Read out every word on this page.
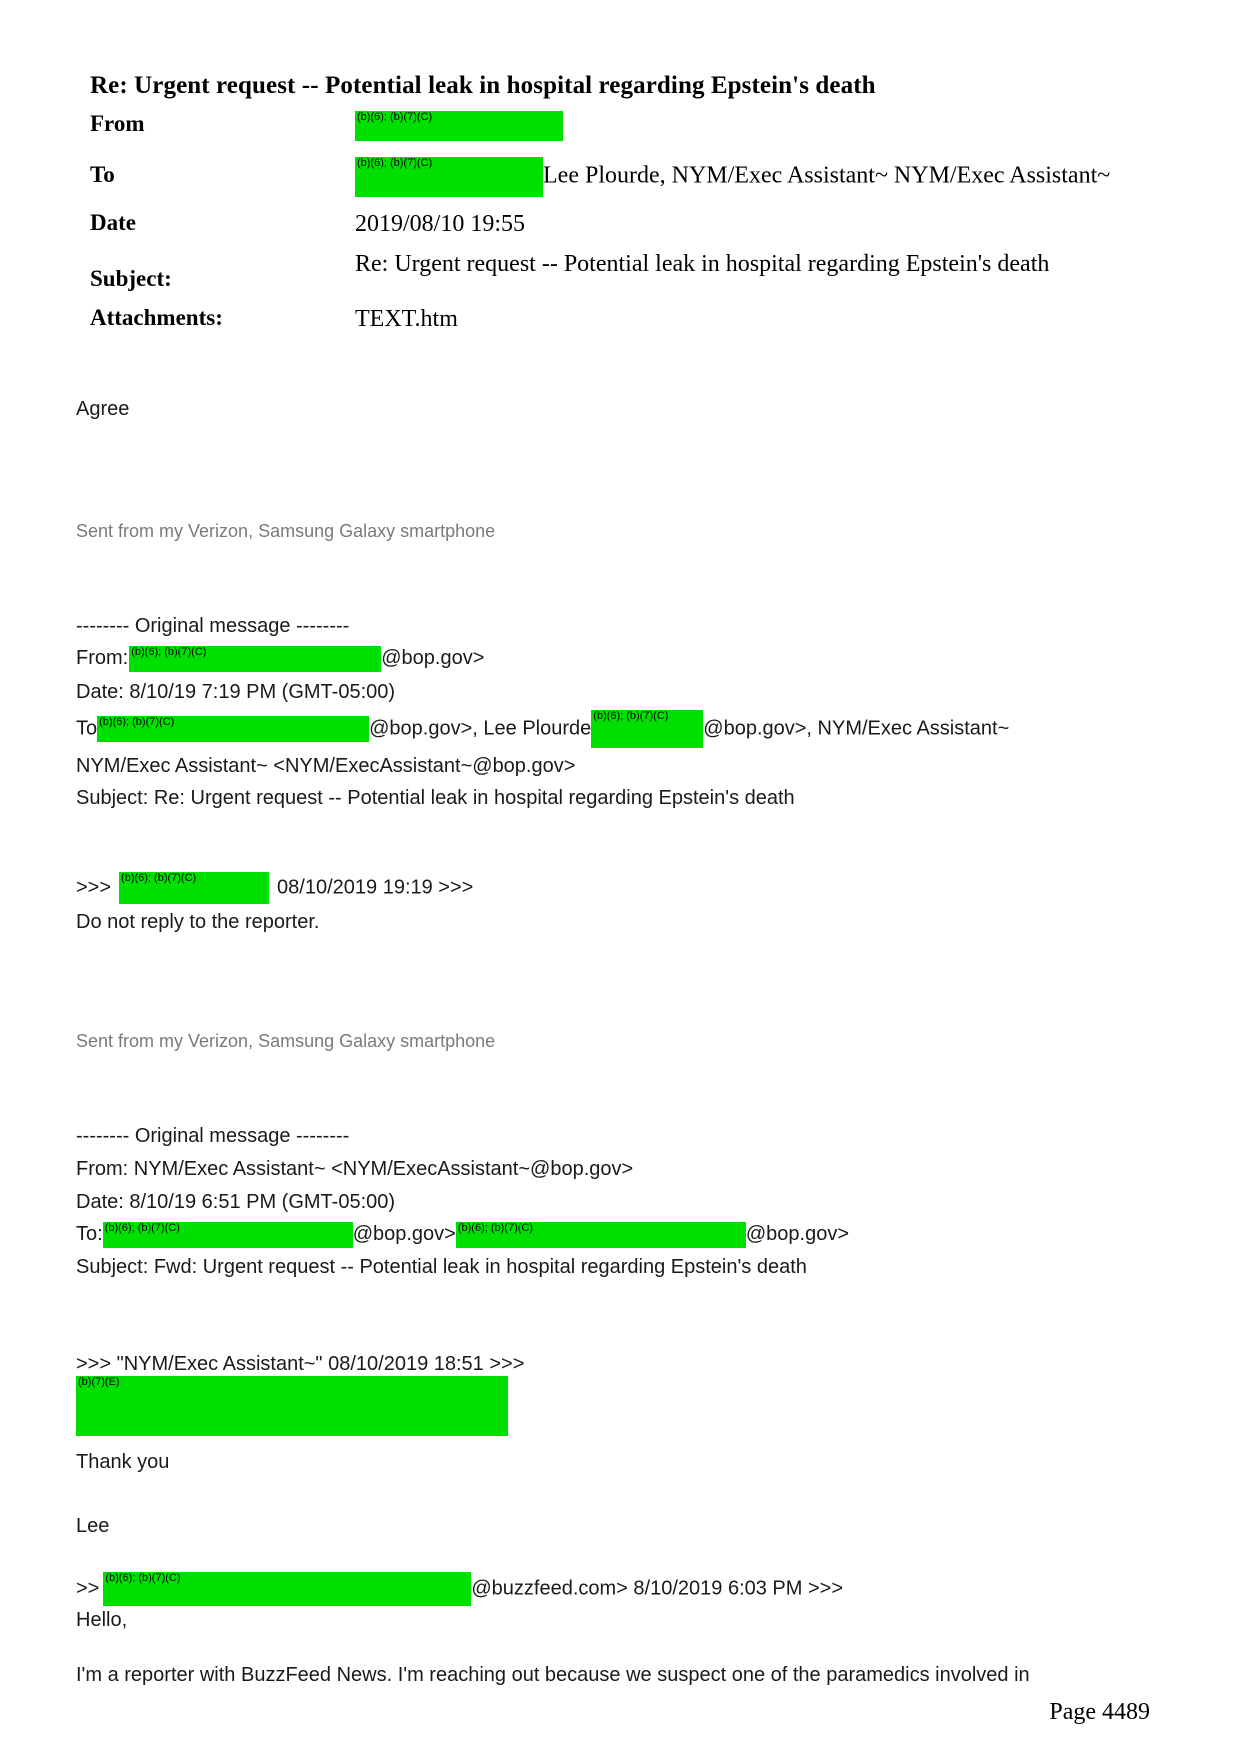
Re: Urgent request -- Potential leak in hospital regarding Epstein's death
From	(b)(6); (b)(7)(C)
To	(b)(6); (b)(7)(C)	Lee Plourde, NYM/Exec Assistant~ NYM/Exec Assistant~
Date	2019/08/10 19:55
Subject:
Re: Urgent request -- Potential leak in hospital regarding Epstein's death
Attachments:	TEXT.htm
Agree
Sent from my Verizon, Samsung Galaxy smartphone
-------- Original message --------
From: (b)(6); (b)(7)(C)	@bop.gov>
Date: 8/10/19 7:19 PM (GMT-05:00)
To (b)(6); (b)(7)(C)	@bop.gov>, Lee Plourde(b)(6); (b)(7)(C)@bop.gov>, NYM/Exec Assistant~
NYM/Exec Assistant~ <NYM/ExecAssistant~@bop.gov>
Subject: Re: Urgent request -- Potential leak in hospital regarding Epstein's death
>>> (b)(6); (b)(7)(C)	08/10/2019 19:19 >>>
Do not reply to the reporter.
Sent from my Verizon, Samsung Galaxy smartphone
-------- Original message --------
From: NYM/Exec Assistant~ <NYM/ExecAssistant~@bop.gov>
Date: 8/10/19 6:51 PM (GMT-05:00)
To: (b)(6); (b)(7)(C)	@bop.gov> (b)(6); (b)(7)(C)	@bop.gov>
Subject: Fwd: Urgent request -- Potential leak in hospital regarding Epstein's death
>>> "NYM/Exec Assistant~" 08/10/2019 18:51 >>>
(b)(7)(E)
Thank you
Lee
>> (b)(6); (b)(7)(C)	@buzzfeed.com> 8/10/2019 6:03 PM >>>
Hello,
I'm a reporter with BuzzFeed News. I'm reaching out because we suspect one of the paramedics involved in
Page 4489
